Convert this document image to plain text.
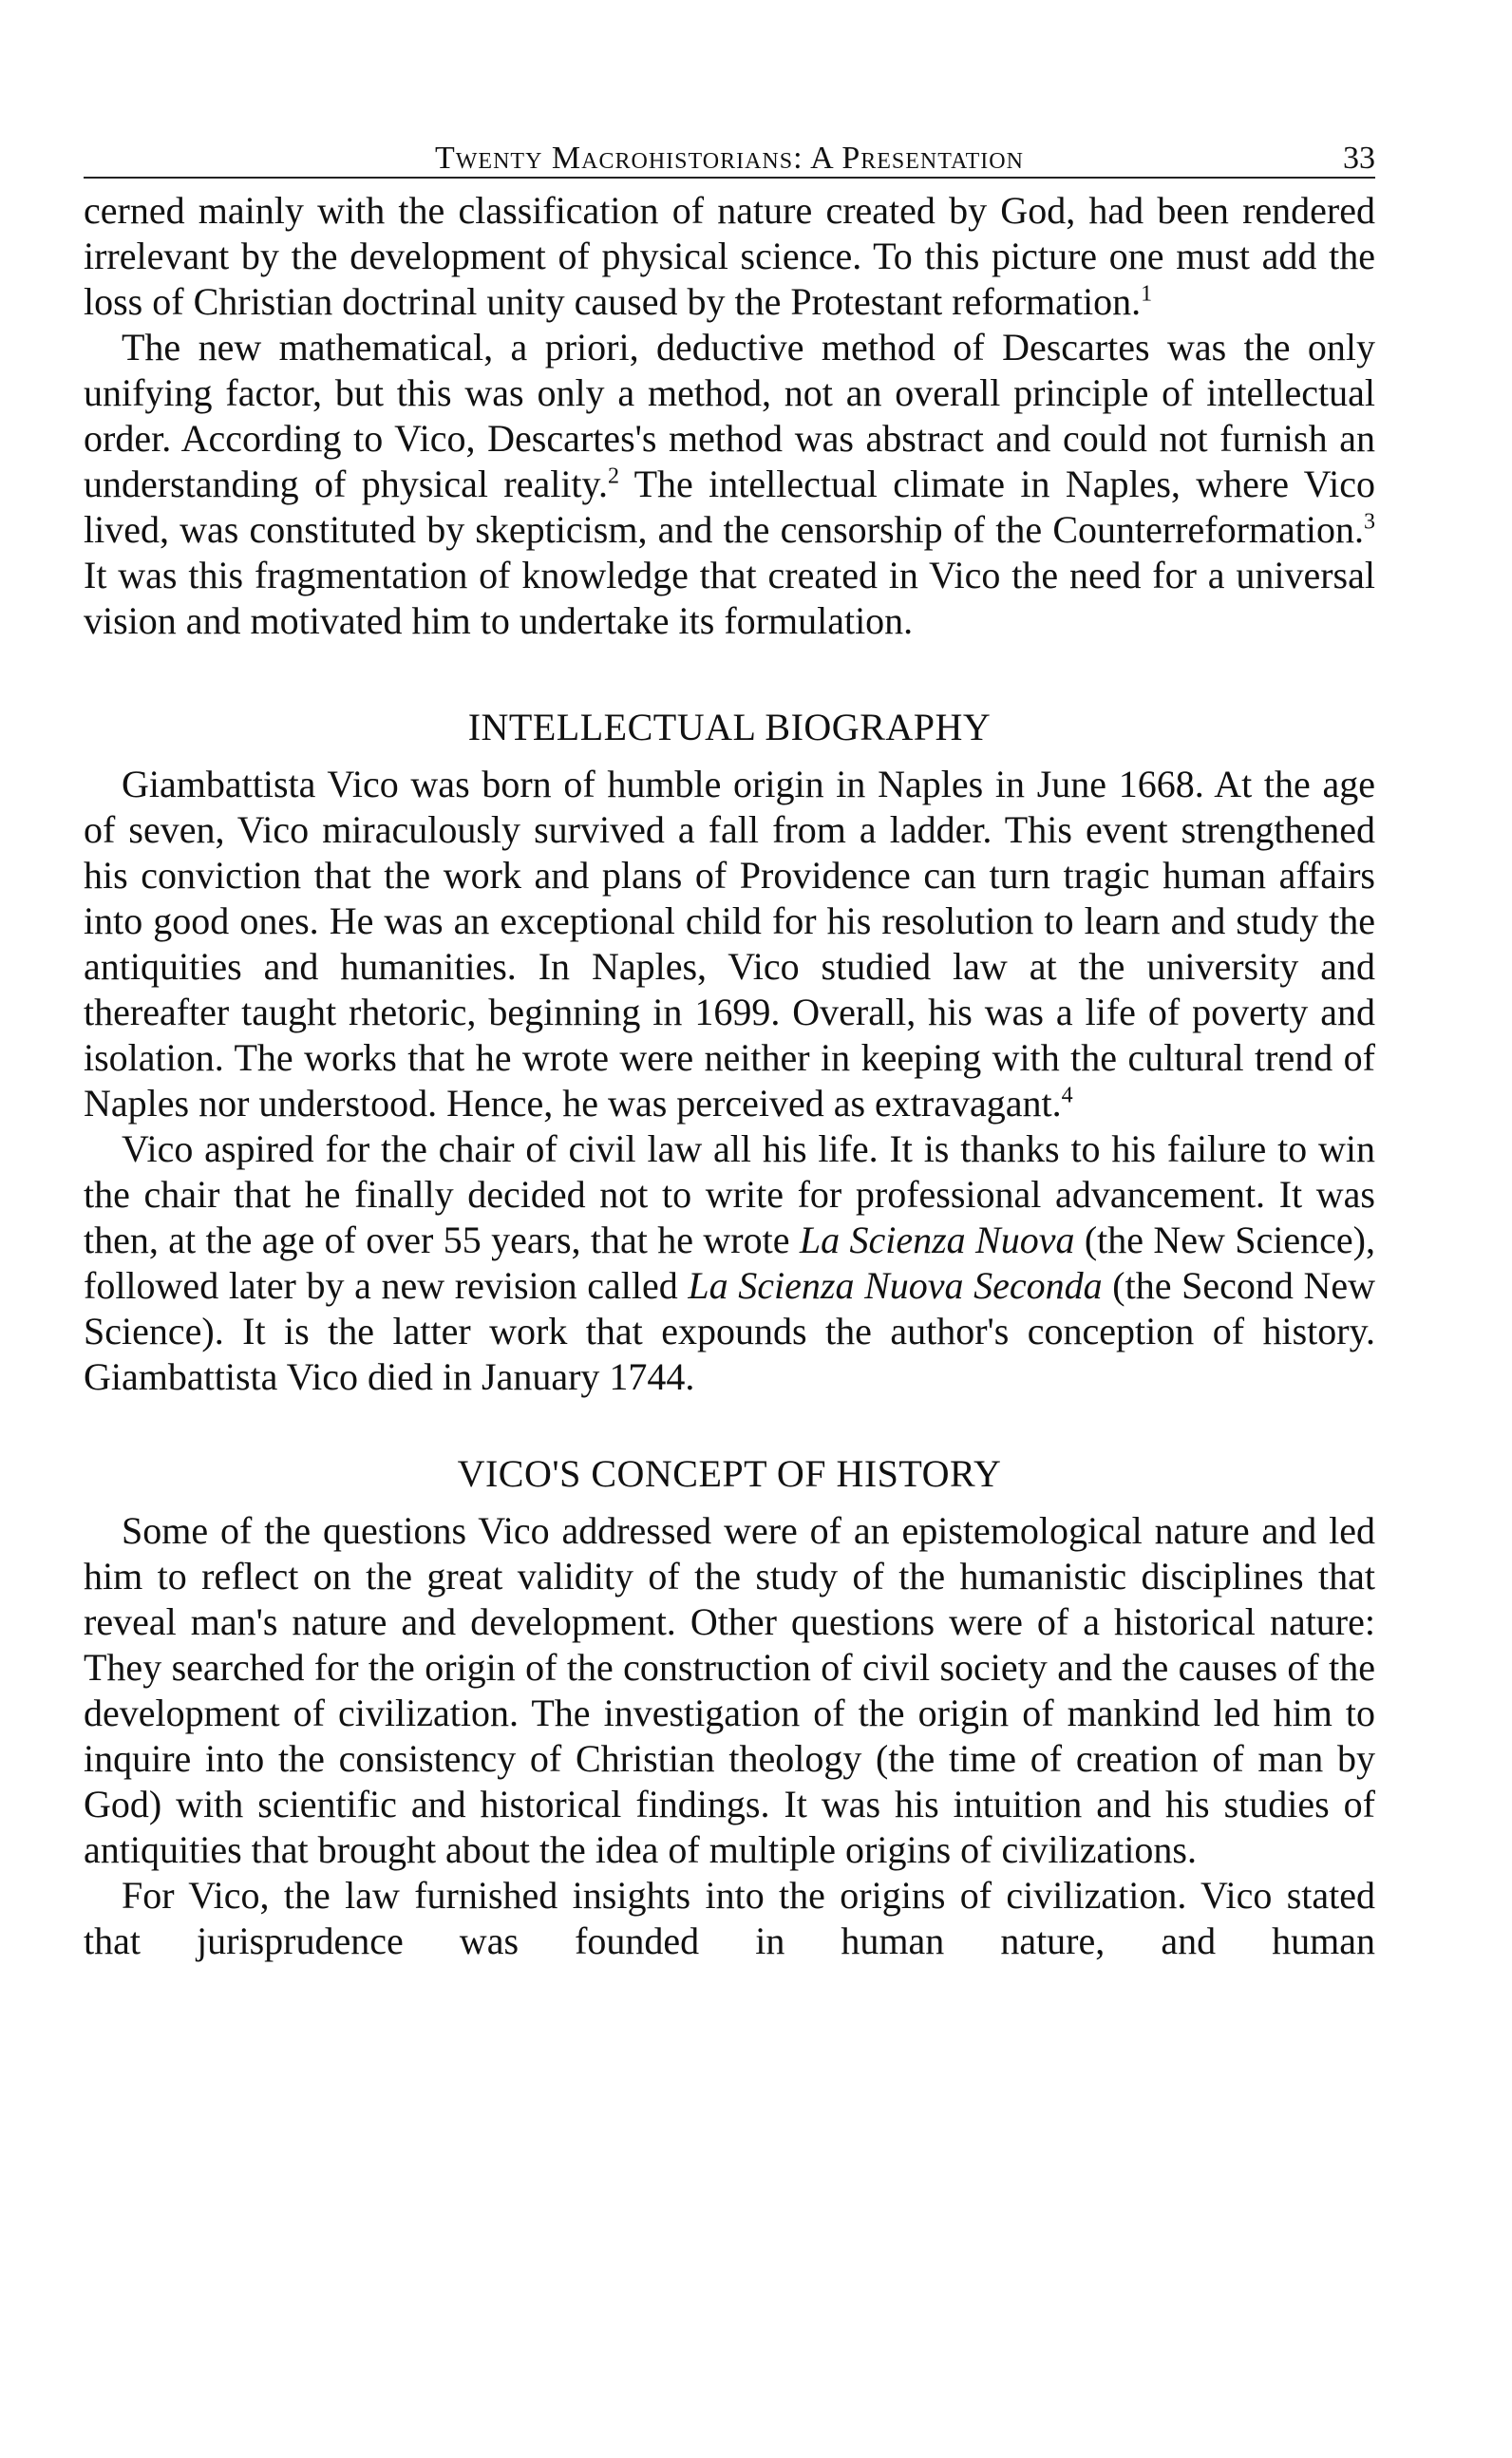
Twenty Macrohistorians: A Presentation	33

cerned mainly with the classification of nature created by God, had been rendered irrelevant by the development of physical science. To this picture one must add the loss of Christian doctrinal unity caused by the Protestant reformation.$^1$

The new mathematical, a priori, deductive method of Descartes was the only unifying factor, but this was only a method, not an overall principle of intellectual order. According to Vico, Descartes's method was abstract and could not furnish an understanding of physical reality.$^2$ The intellectual climate in Naples, where Vico lived, was constituted by skepticism, and the censorship of the Counterreformation.$^3$ It was this fragmentation of knowledge that created in Vico the need for a universal vision and motivated him to undertake its formulation.

INTELLECTUAL BIOGRAPHY

Giambattista Vico was born of humble origin in Naples in June 1668. At the age of seven, Vico miraculously survived a fall from a ladder. This event strengthened his conviction that the work and plans of Providence can turn tragic human affairs into good ones. He was an exceptional child for his resolution to learn and study the antiquities and humanities. In Naples, Vico studied law at the university and thereafter taught rhetoric, beginning in 1699. Overall, his was a life of poverty and isolation. The works that he wrote were neither in keeping with the cultural trend of Naples nor understood. Hence, he was perceived as extravagant.$^4$

Vico aspired for the chair of civil law all his life. It is thanks to his failure to win the chair that he finally decided not to write for professional advancement. It was then, at the age of over 55 years, that he wrote La Scienza Nuova (the New Science), followed later by a new revision called La Scienza Nuova Seconda (the Second New Science). It is the latter work that expounds the author's conception of history. Giambattista Vico died in January 1744.

VICO'S CONCEPT OF HISTORY

Some of the questions Vico addressed were of an epistemological nature and led him to reflect on the great validity of the study of the humanistic disciplines that reveal man's nature and development. Other questions were of a historical nature: They searched for the origin of the construction of civil society and the causes of the development of civilization. The investigation of the origin of mankind led him to inquire into the consistency of Christian theology (the time of creation of man by God) with scientific and historical findings. It was his intuition and his studies of antiquities that brought about the idea of multiple origins of civilizations.

For Vico, the law furnished insights into the origins of civilization. Vico stated that jurisprudence was founded in human nature, and human
